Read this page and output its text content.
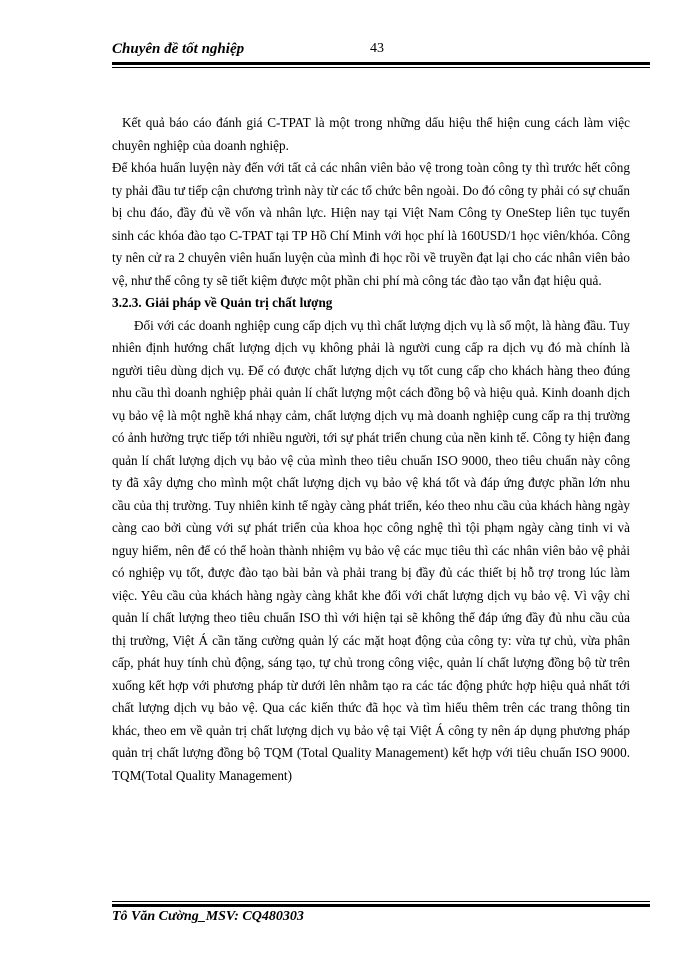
Chuyên đề tốt nghiệp	43

Kết quả báo cáo đánh giá C-TPAT là một trong những dấu hiệu thể hiện cung cách làm việc chuyên nghiệp của doanh nghiệp.

Để khóa huấn luyện này đến với tất cả các nhân viên bảo vệ trong toàn công ty thì trước hết công ty phải đầu tư tiếp cận chương trình này từ các tổ chức bên ngoài. Do đó công ty phải có sự chuẩn bị chu đáo, đầy đủ về vốn và nhân lực. Hiện nay tại Việt Nam Công ty OneStep liên tục tuyển sinh các khóa đào tạo C-TPAT tại TP Hồ Chí Minh với học phí là 160USD/1 học viên/khóa. Công ty nên cử ra 2 chuyên viên huấn luyện của mình đi học rồi về truyền đạt lại cho các nhân viên bảo vệ, như thế công ty sẽ tiết kiệm được một phần chi phí mà công tác đào tạo vẫn đạt hiệu quả.

3.2.3. Giải pháp về Quản trị chất lượng

Đối với các doanh nghiệp cung cấp dịch vụ thì chất lượng dịch vụ là số một, là hàng đầu. Tuy nhiên định hướng chất lượng dịch vụ không phải là người cung cấp ra dịch vụ đó mà chính là người tiêu dùng dịch vụ. Để có được chất lượng dịch vụ tốt cung cấp cho khách hàng theo đúng nhu cầu thì doanh nghiệp phải quản lí chất lượng một cách đồng bộ và hiệu quả. Kinh doanh dịch vụ bảo vệ là một nghề khá nhạy cảm, chất lượng dịch vụ mà doanh nghiệp cung cấp ra thị trường có ảnh hưởng trực tiếp tới nhiều người, tới sự phát triển chung của nền kinh tế. Công ty hiện đang quản lí chất lượng dịch vụ bảo vệ của mình theo tiêu chuẩn ISO 9000, theo tiêu chuẩn này công ty đã xây dựng cho mình một chất lượng dịch vụ bảo vệ khá tốt và đáp ứng được phần lớn nhu cầu của thị trường. Tuy nhiên kinh tế ngày càng phát triển, kéo theo nhu cầu của khách hàng ngày càng cao bởi cùng với sự phát triển của khoa học công nghệ thì tội phạm ngày càng tinh vi và nguy hiểm, nên để có thể hoàn thành nhiệm vụ bảo vệ các mục tiêu thì các nhân viên bảo vệ phải có nghiệp vụ tốt, được đào tạo bài bản và phải trang bị đầy đủ các thiết bị hỗ trợ trong lúc làm việc. Yêu cầu của khách hàng ngày càng khắt khe đối với chất lượng dịch vụ bảo vệ. Vì vậy chỉ quản lí chất lượng theo tiêu chuẩn ISO thì với hiện tại sẽ không thể đáp ứng đầy đủ nhu cầu của thị trường, Việt Á cần tăng cường quản lý các mặt hoạt động của công ty: vừa tự chủ, vừa phân cấp, phát huy tính chủ động, sáng tạo, tự chủ trong công việc, quản lí chất lượng đồng bộ từ trên xuống kết hợp với phương pháp từ dưới lên nhằm tạo ra các tác động phức hợp hiệu quả nhất tới chất lượng dịch vụ bảo vệ. Qua các kiến thức đã học và tìm hiểu thêm trên các trang thông tin khác, theo em về quản trị chất lượng dịch vụ bảo vệ tại Việt Á công ty nên áp dụng phương pháp quản trị chất lượng đồng bộ TQM (Total Quality Management) kết hợp với tiêu chuẩn ISO 9000. TQM(Total Quality Management)

Tô Văn Cường_MSV: CQ480303
